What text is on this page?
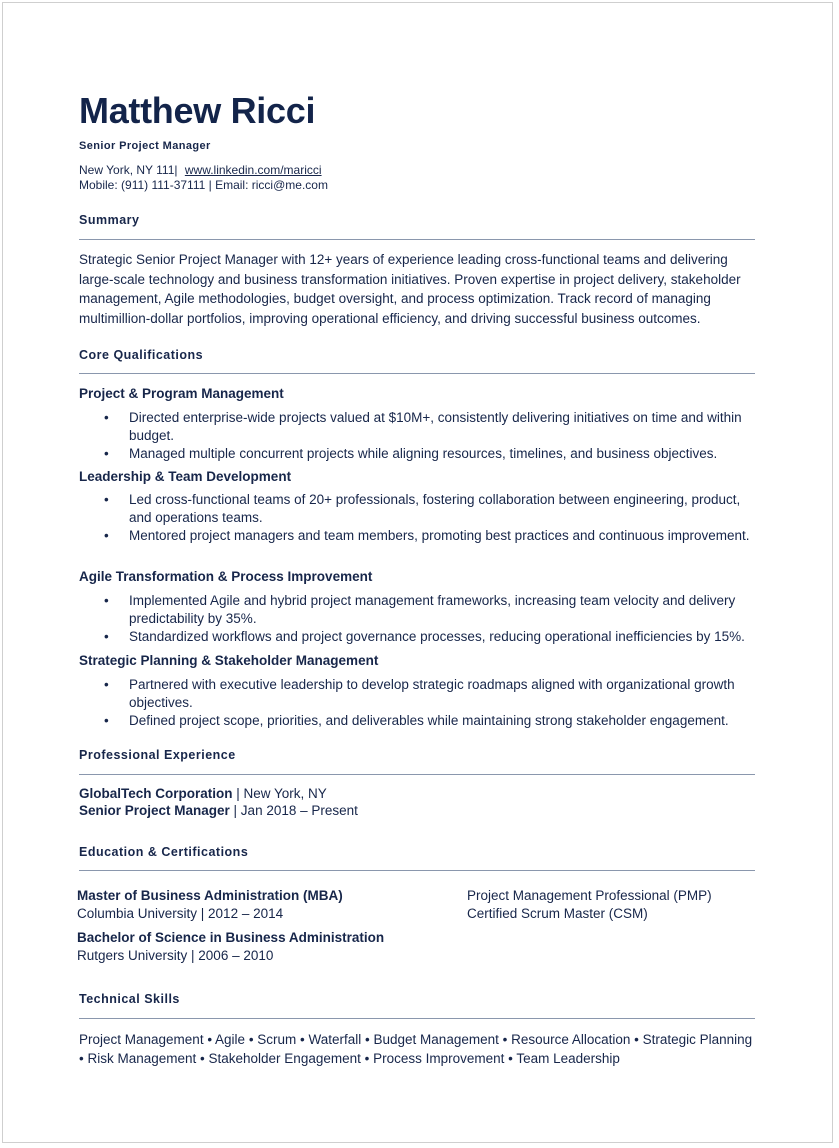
Matthew Ricci
Senior Project Manager
New York, NY 111| www.linkedin.com/maricci
Mobile: (911) 111-37111 | Email: ricci@me.com
Summary

Strategic Senior Project Manager with 12+ years of experience leading cross-functional teams and delivering large-scale technology and business transformation initiatives. Proven expertise in project delivery, stakeholder management, Agile methodologies, budget oversight, and process optimization. Track record of managing multimillion-dollar portfolios, improving operational efficiency, and driving successful business outcomes.

Core Qualifications
Project & Program Management
• Directed enterprise-wide projects valued at $10M+, consistently delivering initiatives on time and within budget.
• Managed multiple concurrent projects while aligning resources, timelines, and business objectives.
Leadership & Team Development
• Led cross-functional teams of 20+ professionals, fostering collaboration between engineering, product, and operations teams.
• Mentored project managers and team members, promoting best practices and continuous improvement.
Agile Transformation & Process Improvement
• Implemented Agile and hybrid project management frameworks, increasing team velocity and delivery predictability by 35%.
• Standardized workflows and project governance processes, reducing operational inefficiencies by 15%.
Strategic Planning & Stakeholder Management
• Partnered with executive leadership to develop strategic roadmaps aligned with organizational growth objectives.
• Defined project scope, priorities, and deliverables while maintaining strong stakeholder engagement.
Professional Experience
GlobalTech Corporation | New York, NY
Senior Project Manager | Jan 2018 – Present
Education & Certifications
Master of Business Administration (MBA)
Columbia University | 2012 – 2014
Bachelor of Science in Business Administration
Rutgers University | 2006 – 2010
Project Management Professional (PMP)
Certified Scrum Master (CSM)
Technical Skills

Project Management • Agile • Scrum • Waterfall • Budget Management • Resource Allocation • Strategic Planning • Risk Management • Stakeholder Engagement • Process Improvement • Team Leadership
